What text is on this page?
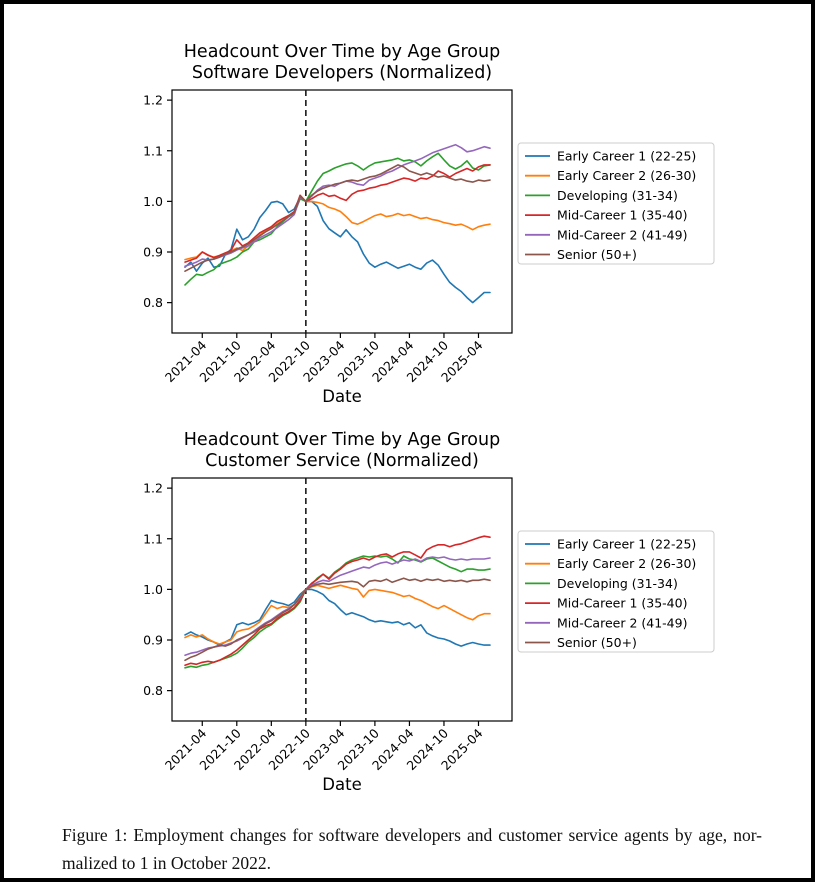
Headcount Over Time by Age Group
Software Developers (Normalized)
0.8
0.9
1.0
1.1
1.2
2021-04
2021-10
2022-04
2022-10
2023-04
2023-10
2024-04
2024-10
2025-04
Date
Early Career 1 (22-25)
Early Career 2 (26-30)
Developing (31-34)
Mid-Career 1 (35-40)
Mid-Career 2 (41-49)
Senior (50+)
Headcount Over Time by Age Group
Customer Service (Normalized)
0.8
0.9
1.0
1.1
1.2
2021-04
2021-10
2022-04
2022-10
2023-04
2023-10
2024-04
2024-10
2025-04
Date
Early Career 1 (22-25)
Early Career 2 (26-30)
Developing (31-34)
Mid-Career 1 (35-40)
Mid-Career 2 (41-49)
Senior (50+)
Figure 1: Employment changes for software developers and customer service agents by age, nor-
malized to 1 in October 2022.
